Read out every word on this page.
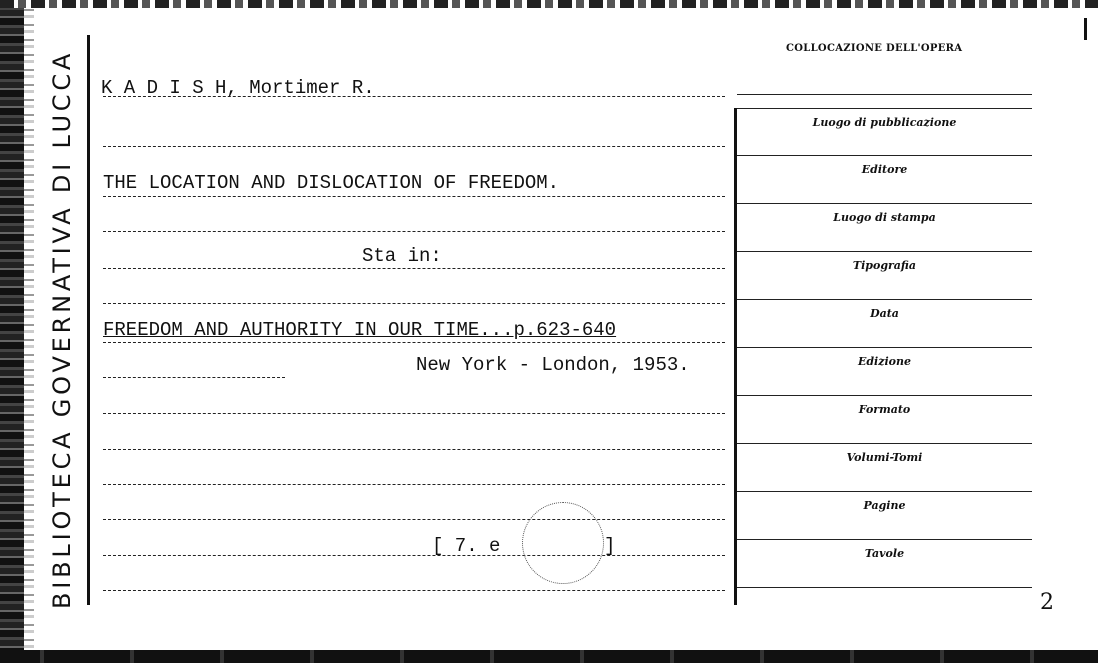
BIBLIOTECA GOVERNATIVA DI LUCCA K A D I S H, Mortimer R.
THE LOCATION AND DISLOCATION OF FREEDOM.
Sta in:
FREEDOM AND AUTHORITY IN OUR TIME...p.623-640
New York - London, 1953.
[ 7. e	]
COLLOCAZIONE DELL'OPERA
Luogo di pubblicazione
Editore
Luogo di stampa
Tipografia
Data
Edizione
Formato
Volumi-Tomi
Pagine
Tavole
2
